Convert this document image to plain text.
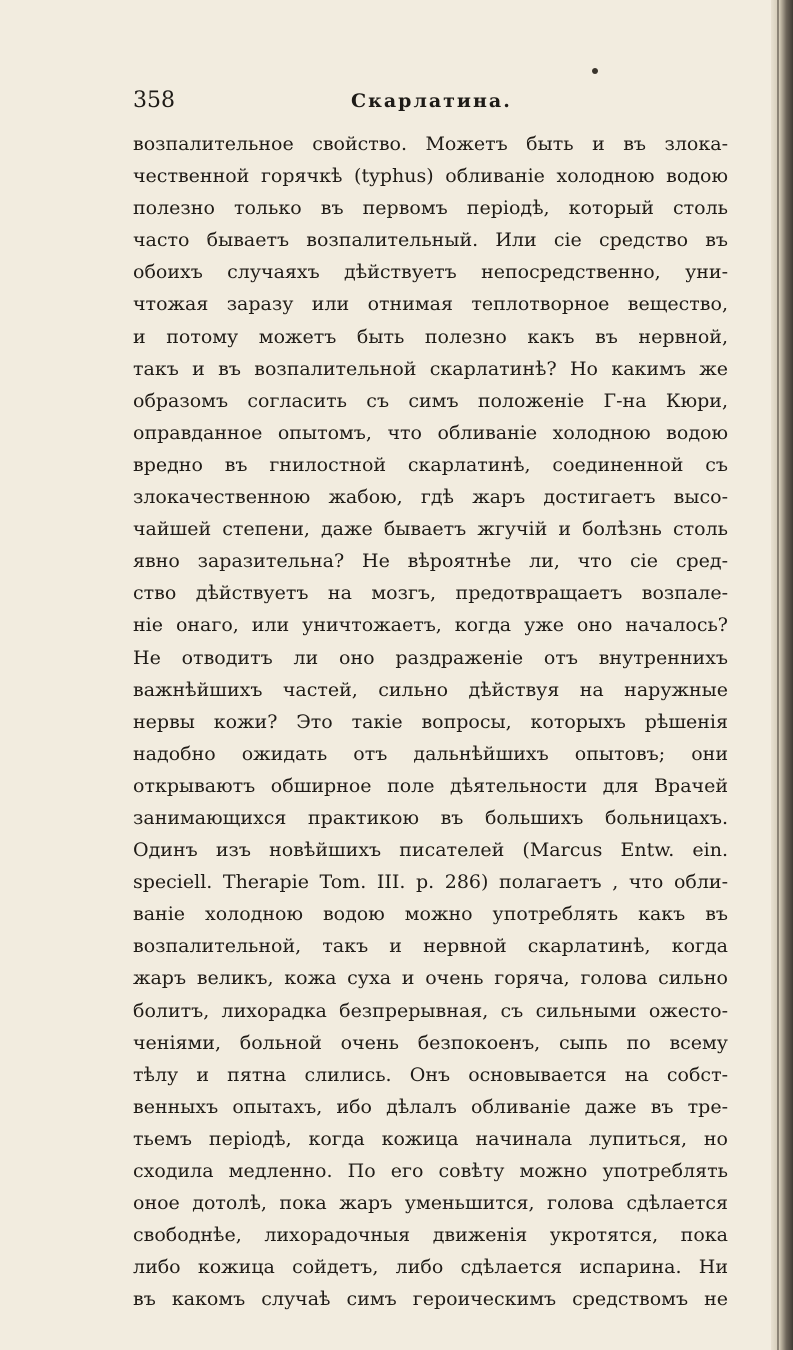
358	Скарлатина.
возпалительное свойство. Можетъ быть и въ злока-
чественной горячкѣ (typhus) обливаніе холодною водою
полезно только въ первомъ періодѣ, который столь
часто бываетъ возпалительный. Или сіе средство въ
обоихъ случаяхъ дѣйствуетъ непосредственно, уни-
чтожая заразу или отнимая теплотворное вещество,
и потому можетъ быть полезно какъ въ нервной,
такъ и въ возпалительной скарлатинѣ? Но какимъ же
образомъ согласить съ симъ положеніе Г-на Кюри,
оправданное опытомъ, что обливаніе холодною водою
вредно въ гнилостной скарлатинѣ, соединенной съ
злокачественною жабою, гдѣ жаръ достигаетъ высо-
чайшей степени, даже бываетъ жгучій и болѣзнь столь
явно заразительна? Не вѣроятнѣе ли, что сіе сред-
ство дѣйствуетъ на мозгъ, предотвращаетъ возпале-
ніе онаго, или уничтожаетъ, когда уже оно началось?
Не отводитъ ли оно раздраженіе отъ внутреннихъ
важнѣйшихъ частей, сильно дѣйствуя на наружные
нервы кожи? Это такіе вопросы, которыхъ рѣшенія
надобно ожидать отъ дальнѣйшихъ опытовъ; они
открываютъ обширное поле дѣятельности для Врачей
занимающихся практикою въ большихъ больницахъ.
Одинъ изъ новѣйшихъ писателей (Marcus Entw. ein.
speciell. Therapie Tom. III. p. 286) полагаетъ , что обли-
ваніе холодною водою можно употреблять какъ въ
возпалительной, такъ и нервной скарлатинѣ, когда
жаръ великъ, кожа суха и очень горяча, голова сильно
болитъ, лихорадка безпрерывная, съ сильными ожесто-
ченіями, больной очень безпокоенъ, сыпь по всему
тѣлу и пятна слились. Онъ основывается на собст-
венныхъ опытахъ, ибо дѣлалъ обливаніе даже въ тре-
тьемъ періодѣ, когда кожица начинала лупиться, но
сходила медленно. По его совѣту можно употреблять
оное дотолѣ, пока жаръ уменьшится, голова сдѣлается
свободнѣе, лихорадочныя движенія укротятся, пока
либо кожица сойдетъ, либо сдѣлается испарина. Ни
въ какомъ случаѣ симъ героическимъ средствомъ не
